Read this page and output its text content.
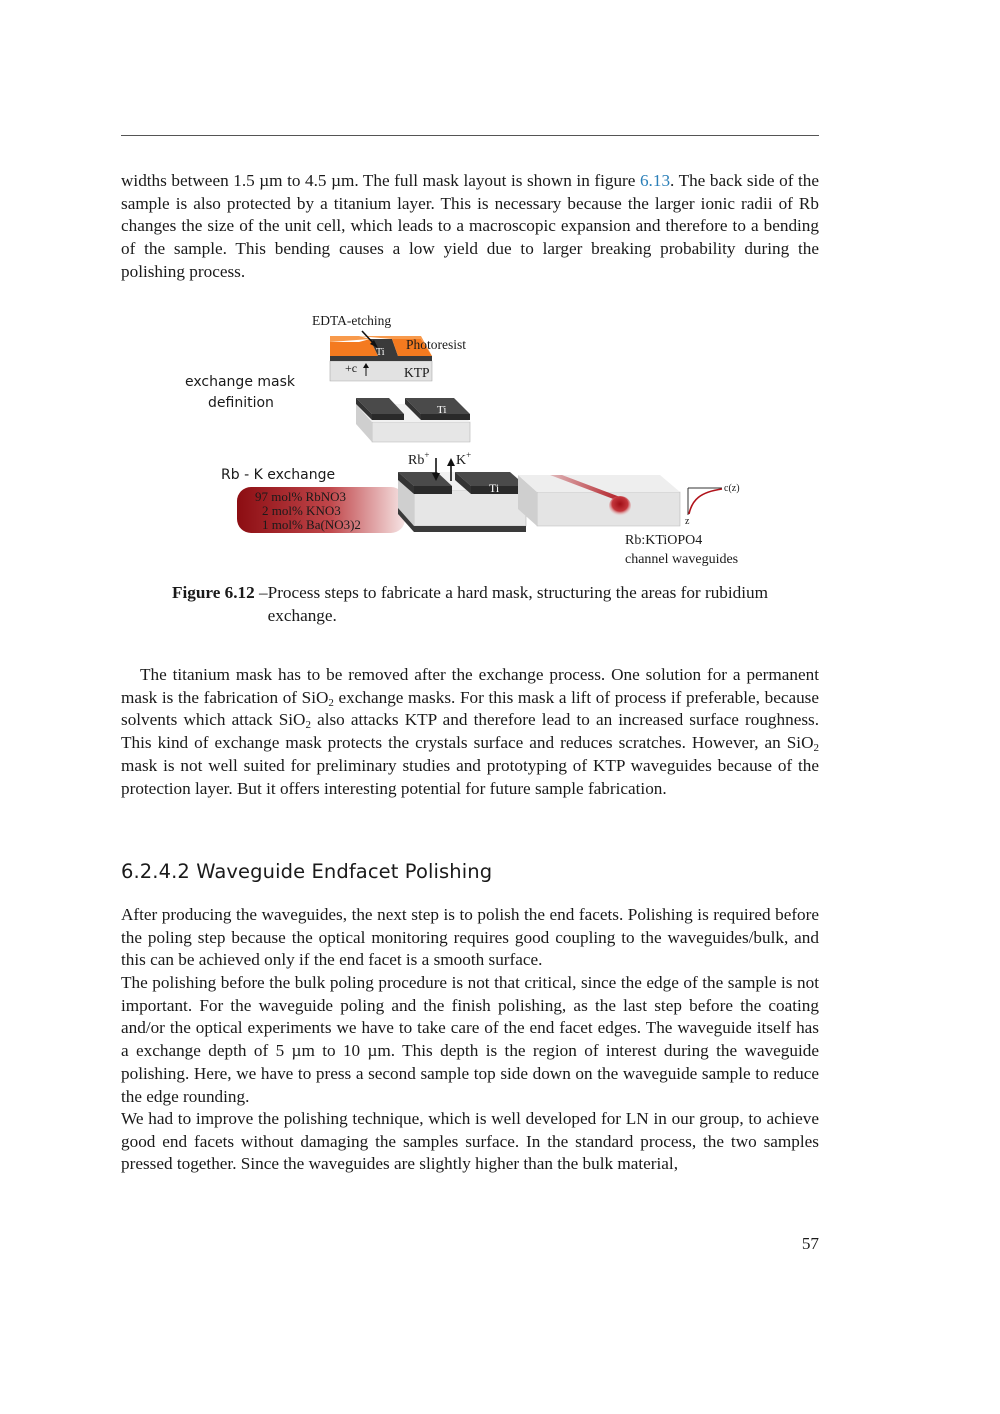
widths between 1.5 µm to 4.5 µm. The full mask layout is shown in figure 6.13. The back side of the sample is also protected by a titanium layer. This is necessary because the larger ionic radii of Rb changes the size of the unit cell, which leads to a macroscopic expansion and therefore to a bending of the sample. This bending causes a low yield due to larger breaking probability during the polishing process.

EDTA-etching
Photoresist
Ti
+c	KTP
Ti
exchange mask
definition
Rb - K exchange
97 mol% RbNO3
2 mol% KNO3
1 mol% Ba(NO3)2
Rb+ K+
Ti
Rb:KTiOPO4
channel waveguides
c(z)
z
Figure 6.12 – Process steps to fabricate a hard mask, structuring the areas for rubidium exchange.

The titanium mask has to be removed after the exchange process. One solution for a permanent mask is the fabrication of SiO$_2$ exchange masks. For this mask a lift of process if preferable, because solvents which attack SiO$_2$ also attacks KTP and therefore lead to an increased surface roughness. This kind of exchange mask protects the crystals surface and reduces scratches. However, an SiO$_2$ mask is not well suited for preliminary studies and prototyping of KTP waveguides because of the protection layer. But it offers interesting potential for future sample fabrication.

6.2.4.2 Waveguide Endfacet Polishing

After producing the waveguides, the next step is to polish the end facets. Polishing is required before the poling step because the optical monitoring requires good coupling to the waveguides/bulk, and this can be achieved only if the end facet is a smooth surface.

The polishing before the bulk poling procedure is not that critical, since the edge of the sample is not important. For the waveguide poling and the finish polishing, as the last step before the coating and/or the optical experiments we have to take care of the end facet edges. The waveguide itself has a exchange depth of 5 µm to 10 µm. This depth is the region of interest during the waveguide polishing. Here, we have to press a second sample top side down on the waveguide sample to reduce the edge rounding.

We had to improve the polishing technique, which is well developed for LN in our group, to achieve good end facets without damaging the samples surface. In the standard process, the two samples pressed together. Since the waveguides are slightly higher than the bulk material,

57
